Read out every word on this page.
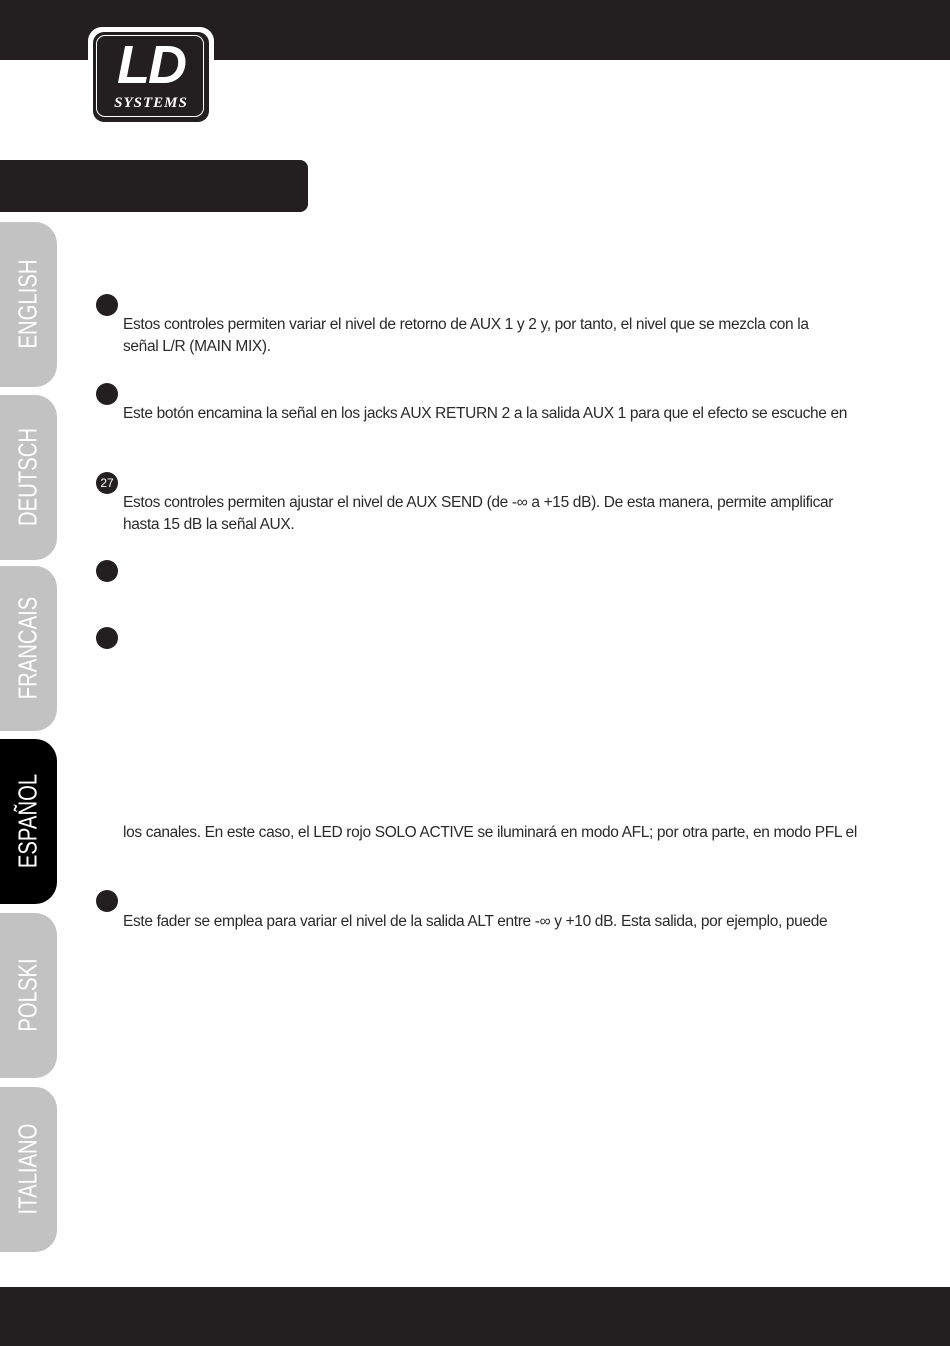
LD
SYSTEMS
ENGLISH
DEUTSCH
FRANCAIS
ESPAÑOL
POLSKI
ITALIANO
27
Estos controles permiten variar el nivel de retorno de AUX 1 y 2 y, por tanto, el nivel que se mezcla con la
señal L/R (MAIN MIX).
Este botón encamina la señal en los jacks AUX RETURN 2 a la salida AUX 1 para que el efecto se escuche en
Estos controles permiten ajustar el nivel de AUX SEND (de -∞ a +15 dB). De esta manera, permite amplificar
hasta 15 dB la señal AUX.
los canales. En este caso, el LED rojo SOLO ACTIVE se iluminará en modo AFL; por otra parte, en modo PFL el
Este fader se emplea para variar el nivel de la salida ALT entre -∞ y +10 dB. Esta salida, por ejemplo, puede
